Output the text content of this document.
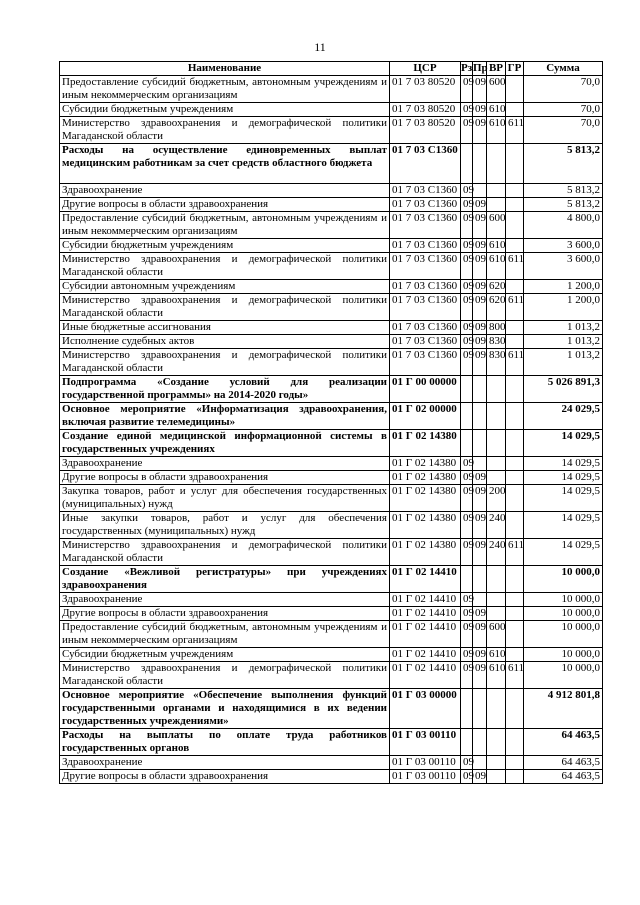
11
Наименование	ЦСР	Рз	Пр	ВР	ГР	Сумма
Предоставление субсидий бюджетным, автономным учреждениям и иным некоммерческим организациям	01 7 03 80520	09	09	600		70,0
Субсидии бюджетным учреждениям	01 7 03 80520	09	09	610		70,0
Министерство здравоохранения и демографической политики Магаданской области	01 7 03 80520	09	09	610	611	70,0
Расходы на осуществление единовременных выплат медицинским работникам за счет средств областного бюджета	01 7 03 С1360					5 813,2
Здравоохранение	01 7 03 С1360	09				5 813,2
Другие вопросы в области здравоохранения	01 7 03 С1360	09	09			5 813,2
Предоставление субсидий бюджетным, автономным учреждениям и иным некоммерческим организациям	01 7 03 С1360	09	09	600		4 800,0
Субсидии бюджетным учреждениям	01 7 03 С1360	09	09	610		3 600,0
Министерство здравоохранения и демографической политики Магаданской области	01 7 03 С1360	09	09	610	611	3 600,0
Субсидии автономным учреждениям	01 7 03 С1360	09	09	620		1 200,0
Министерство здравоохранения и демографической политики Магаданской области	01 7 03 С1360	09	09	620	611	1 200,0
Иные бюджетные ассигнования	01 7 03 С1360	09	09	800		1 013,2
Исполнение судебных актов	01 7 03 С1360	09	09	830		1 013,2
Министерство здравоохранения и демографической политики Магаданской области	01 7 03 С1360	09	09	830	611	1 013,2
Подпрограмма «Создание условий для реализации государственной программы» на 2014-2020 годы»	01 Г 00 00000					5 026 891,3
Основное мероприятие «Информатизация здравоохранения, включая развитие телемедицины»	01 Г 02 00000					24 029,5
Создание единой медицинской информационной системы в государственных учреждениях	01 Г 02 14380					14 029,5
Здравоохранение	01 Г 02 14380	09				14 029,5
Другие вопросы в области здравоохранения	01 Г 02 14380	09	09			14 029,5
Закупка товаров, работ и услуг для обеспечения государственных (муниципальных) нужд	01 Г 02 14380	09	09	200		14 029,5
Иные закупки товаров, работ и услуг для обеспечения государственных (муниципальных) нужд	01 Г 02 14380	09	09	240		14 029,5
Министерство здравоохранения и демографической политики Магаданской области	01 Г 02 14380	09	09	240	611	14 029,5
Создание «Вежливой регистратуры» при учреждениях здравоохранения	01 Г 02 14410					10 000,0
Здравоохранение	01 Г 02 14410	09				10 000,0
Другие вопросы в области здравоохранения	01 Г 02 14410	09	09			10 000,0
Предоставление субсидий бюджетным, автономным учреждениям и иным некоммерческим организациям	01 Г 02 14410	09	09	600		10 000,0
Субсидии бюджетным учреждениям	01 Г 02 14410	09	09	610		10 000,0
Министерство здравоохранения и демографической политики Магаданской области	01 Г 02 14410	09	09	610	611	10 000,0
Основное мероприятие «Обеспечение выполнения функций государственными органами и находящимися в их ведении государственных учреждениями»	01 Г 03 00000					4 912 801,8
Расходы на выплаты по оплате труда работников государственных органов	01 Г 03 00110					64 463,5
Здравоохранение	01 Г 03 00110	09				64 463,5
Другие вопросы в области здравоохранения	01 Г 03 00110	09	09			64 463,5
